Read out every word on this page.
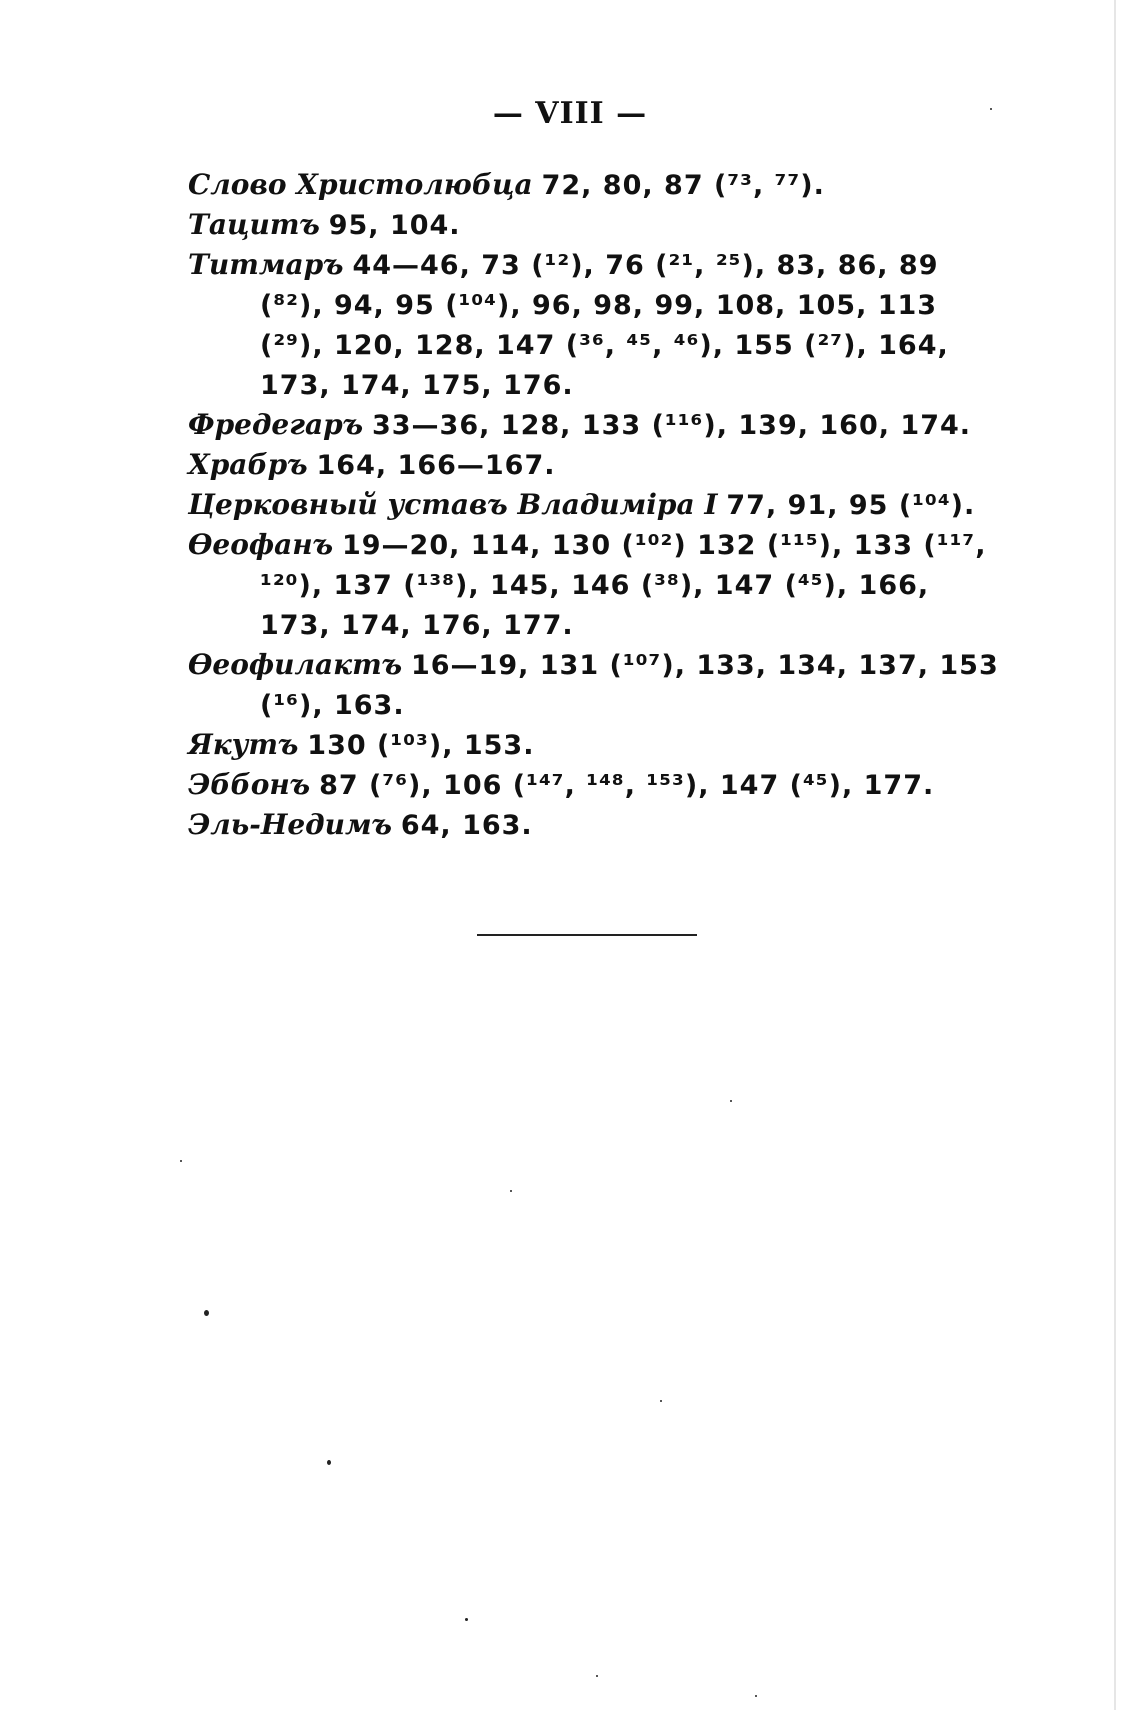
— VIII —
Слово Христолюбца 72, 80, 87 (⁷³, ⁷⁷).
Тацитъ 95, 104.
Титмаръ 44—46, 73 (¹²), 76 (²¹, ²⁵), 83, 86, 89 (⁸²), 94, 95 (¹⁰⁴), 96, 98, 99, 108, 105, 113 (²⁹), 120, 128, 147 (³⁶, ⁴⁵, ⁴⁶), 155 (²⁷), 164, 173, 174, 175, 176.
Фредегаръ 33—36, 128, 133 (¹¹⁶), 139, 160, 174.
Храбръ 164, 166—167.
Церковный уставъ Владиміра I 77, 91, 95 (¹⁰⁴).
Өеофанъ 19—20, 114, 130 (¹⁰²) 132 (¹¹⁵), 133 (¹¹⁷, ¹²⁰), 137 (¹³⁸), 145, 146 (³⁸), 147 (⁴⁵), 166, 173, 174, 176, 177.
Өеофилактъ 16—19, 131 (¹⁰⁷), 133, 134, 137, 153 (¹⁶), 163.
Якутъ 130 (¹⁰³), 153.
Эббонъ 87 (⁷⁶), 106 (¹⁴⁷, ¹⁴⁸, ¹⁵³), 147 (⁴⁵), 177.
Эль-Недимъ 64, 163.
